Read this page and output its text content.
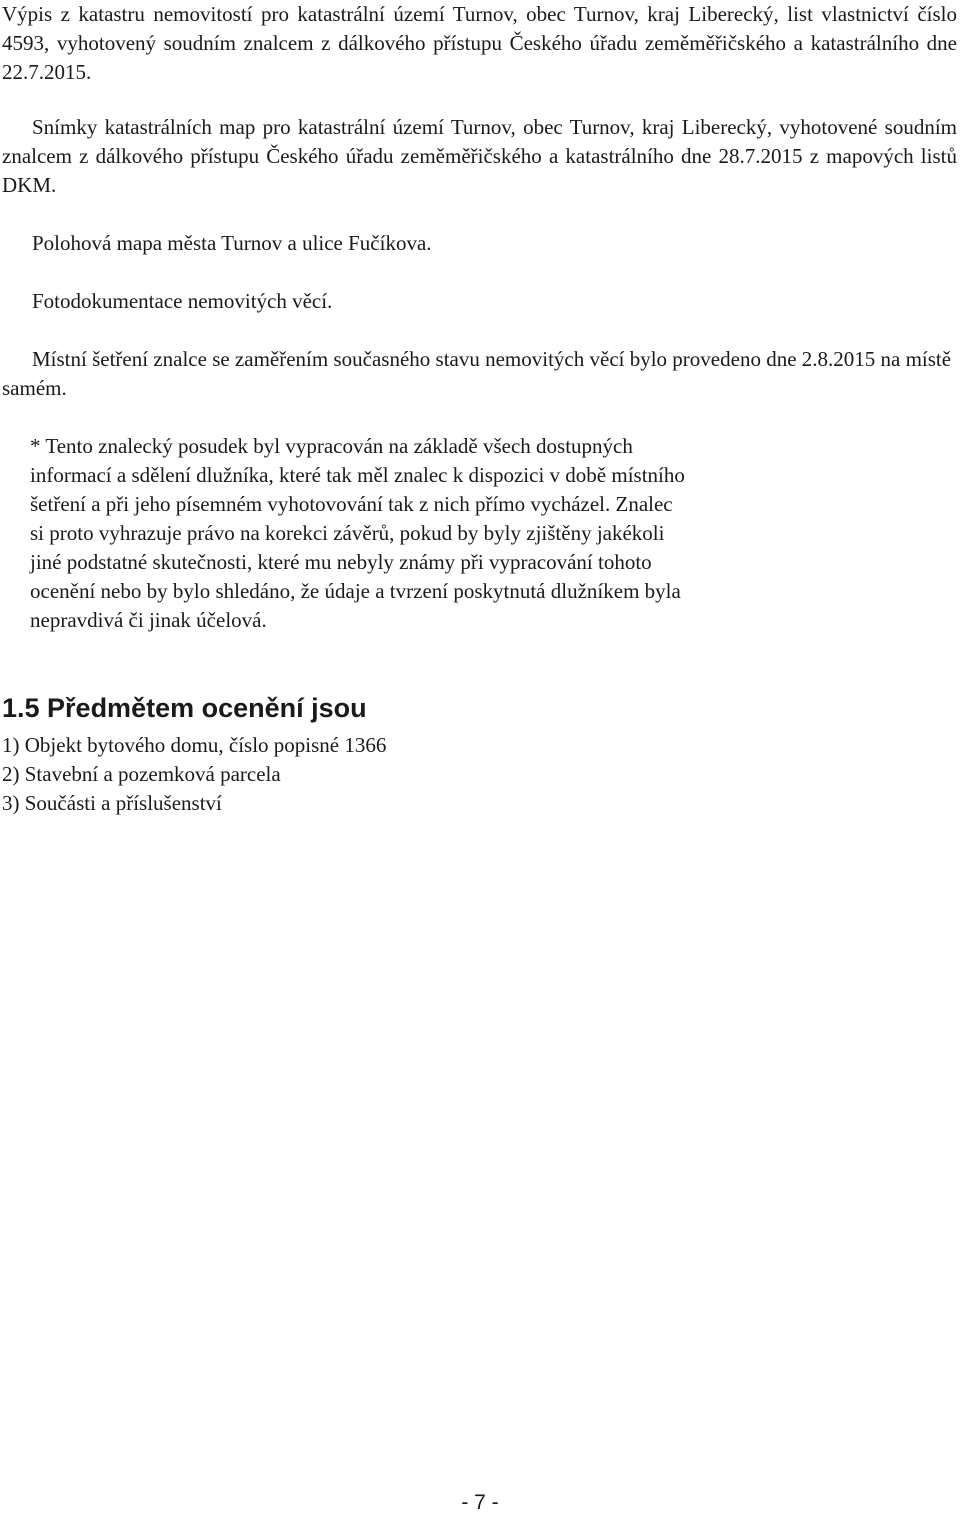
Výpis z katastru nemovitostí pro katastrální území Turnov, obec Turnov, kraj Liberecký, list vlastnictví číslo 4593, vyhotovený soudním znalcem z dálkového přístupu Českého úřadu zeměměřičského a katastrálního dne 22.7.2015.

Snímky katastrálních map pro katastrální území Turnov, obec Turnov, kraj Liberecký, vyhotovené soudním znalcem z dálkového přístupu Českého úřadu zeměměřičského a katastrálního dne 28.7.2015 z mapových listů DKM.

Polohová mapa města Turnov a ulice Fučíkova.

Fotodokumentace nemovitých věcí.

Místní šetření znalce se zaměřením současného stavu nemovitých věcí bylo provedeno dne 2.8.2015 na místě samém.

* Tento znalecký posudek byl vypracován na základě všech dostupných informací a sdělení dlužníka, které tak měl znalec k dispozici v době místního šetření a při jeho písemném vyhotovování tak z nich přímo vycházel. Znalec si proto vyhrazuje právo na korekci závěrů, pokud by byly zjištěny jakékoli jiné podstatné skutečnosti, které mu nebyly známy při vypracování tohoto ocenění nebo by bylo shledáno, že údaje a tvrzení poskytnutá dlužníkem byla nepravdivá či jinak účelová.

1.5 Předmětem ocenění jsou
1) Objekt bytového domu, číslo popisné 1366
2) Stavební a pozemková parcela
3) Součásti a příslušenství
- 7 -
